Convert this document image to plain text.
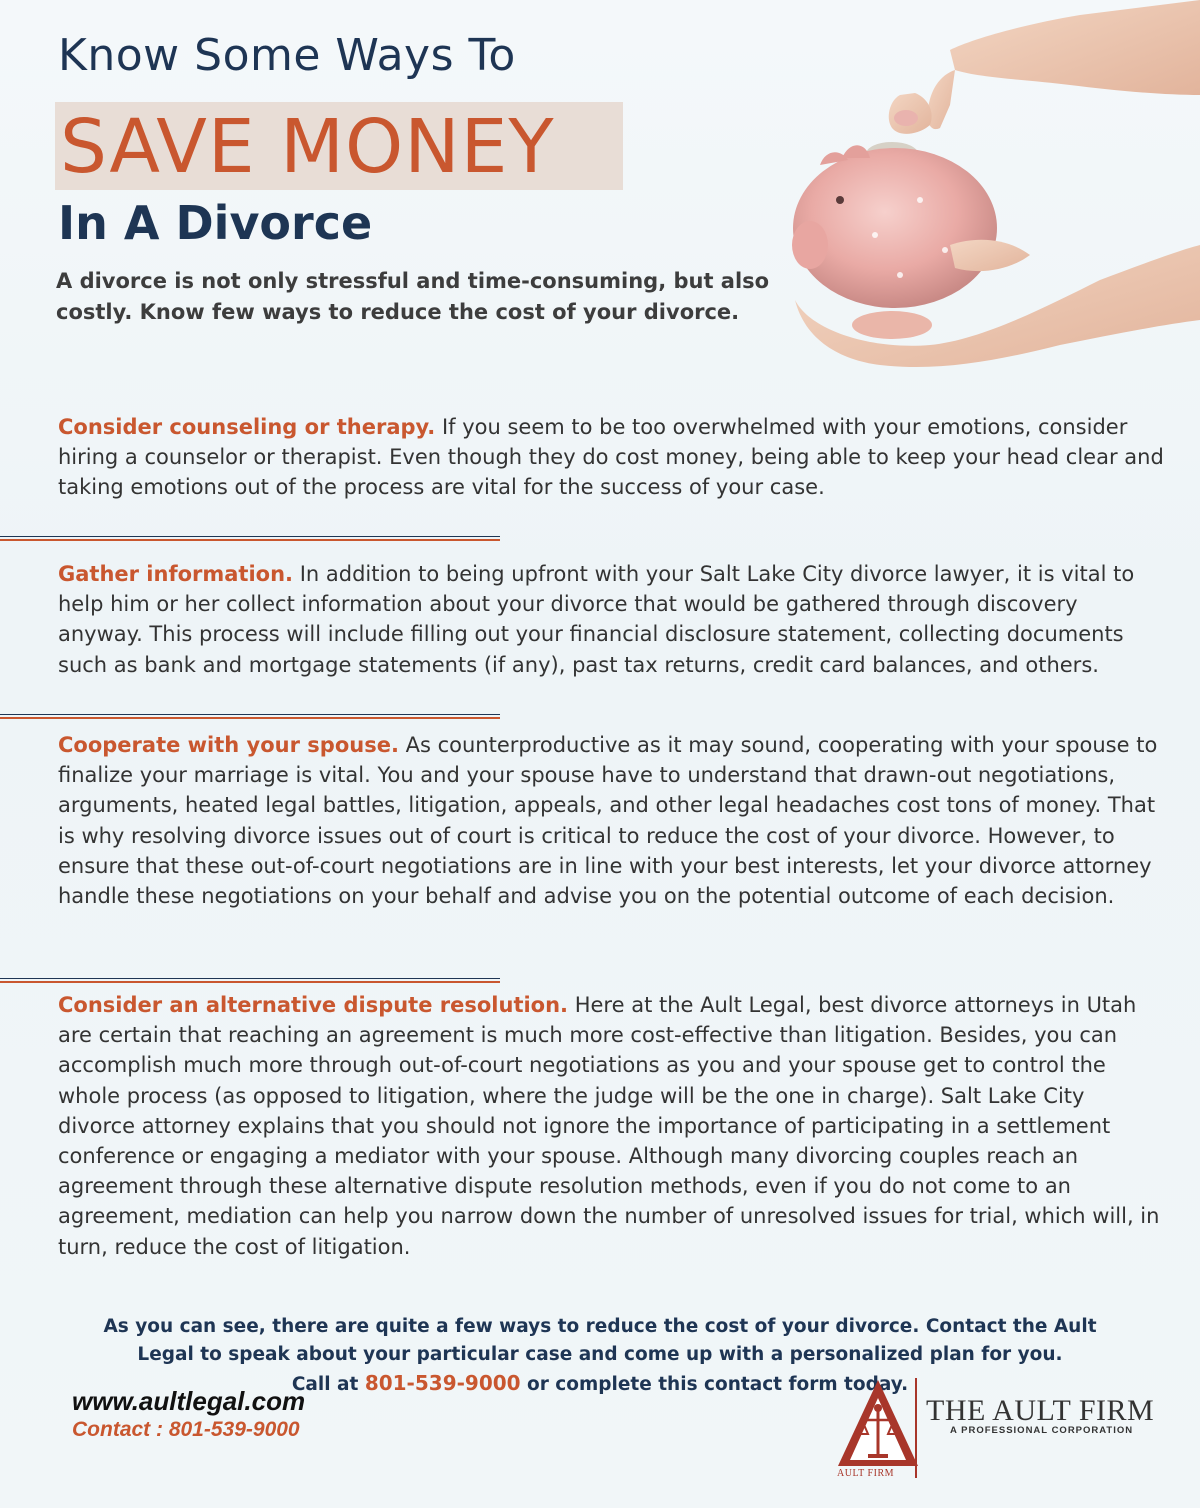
Know Some Ways To
SAVE MONEY
In A Divorce
A divorce is not only stressful and time-consuming, but also costly. Know few ways to reduce the cost of your divorce.
Consider counseling or therapy. If you seem to be too overwhelmed with your emotions, consider hiring a counselor or therapist. Even though they do cost money, being able to keep your head clear and taking emotions out of the process are vital for the success of your case.
Gather information. In addition to being upfront with your Salt Lake City divorce lawyer, it is vital to help him or her collect information about your divorce that would be gathered through discovery anyway. This process will include filling out your financial disclosure statement, collecting documents such as bank and mortgage statements (if any), past tax returns, credit card balances, and others.
Cooperate with your spouse. As counterproductive as it may sound, cooperating with your spouse to finalize your marriage is vital. You and your spouse have to understand that drawn-out negotiations, arguments, heated legal battles, litigation, appeals, and other legal headaches cost tons of money. That is why resolving divorce issues out of court is critical to reduce the cost of your divorce. However, to ensure that these out-of-court negotiations are in line with your best interests, let your divorce attorney handle these negotiations on your behalf and advise you on the potential outcome of each decision.
Consider an alternative dispute resolution. Here at the Ault Legal, best divorce attorneys in Utah are certain that reaching an agreement is much more cost-effective than litigation. Besides, you can accomplish much more through out-of-court negotiations as you and your spouse get to control the whole process (as opposed to litigation, where the judge will be the one in charge). Salt Lake City divorce attorney explains that you should not ignore the importance of participating in a settlement conference or engaging a mediator with your spouse. Although many divorcing couples reach an agreement through these alternative dispute resolution methods, even if you do not come to an agreement, mediation can help you narrow down the number of unresolved issues for trial, which will, in turn, reduce the cost of litigation.
As you can see, there are quite a few ways to reduce the cost of your divorce. Contact the Ault
Legal to speak about your particular case and come up with a personalized plan for you.
Call at 801-539-9000 or complete this contact form today.
www.aultlegal.com
Contact : 801-539-9000
THE AULT FIRM
A PROFESSIONAL CORPORATION
AULT FIRM
